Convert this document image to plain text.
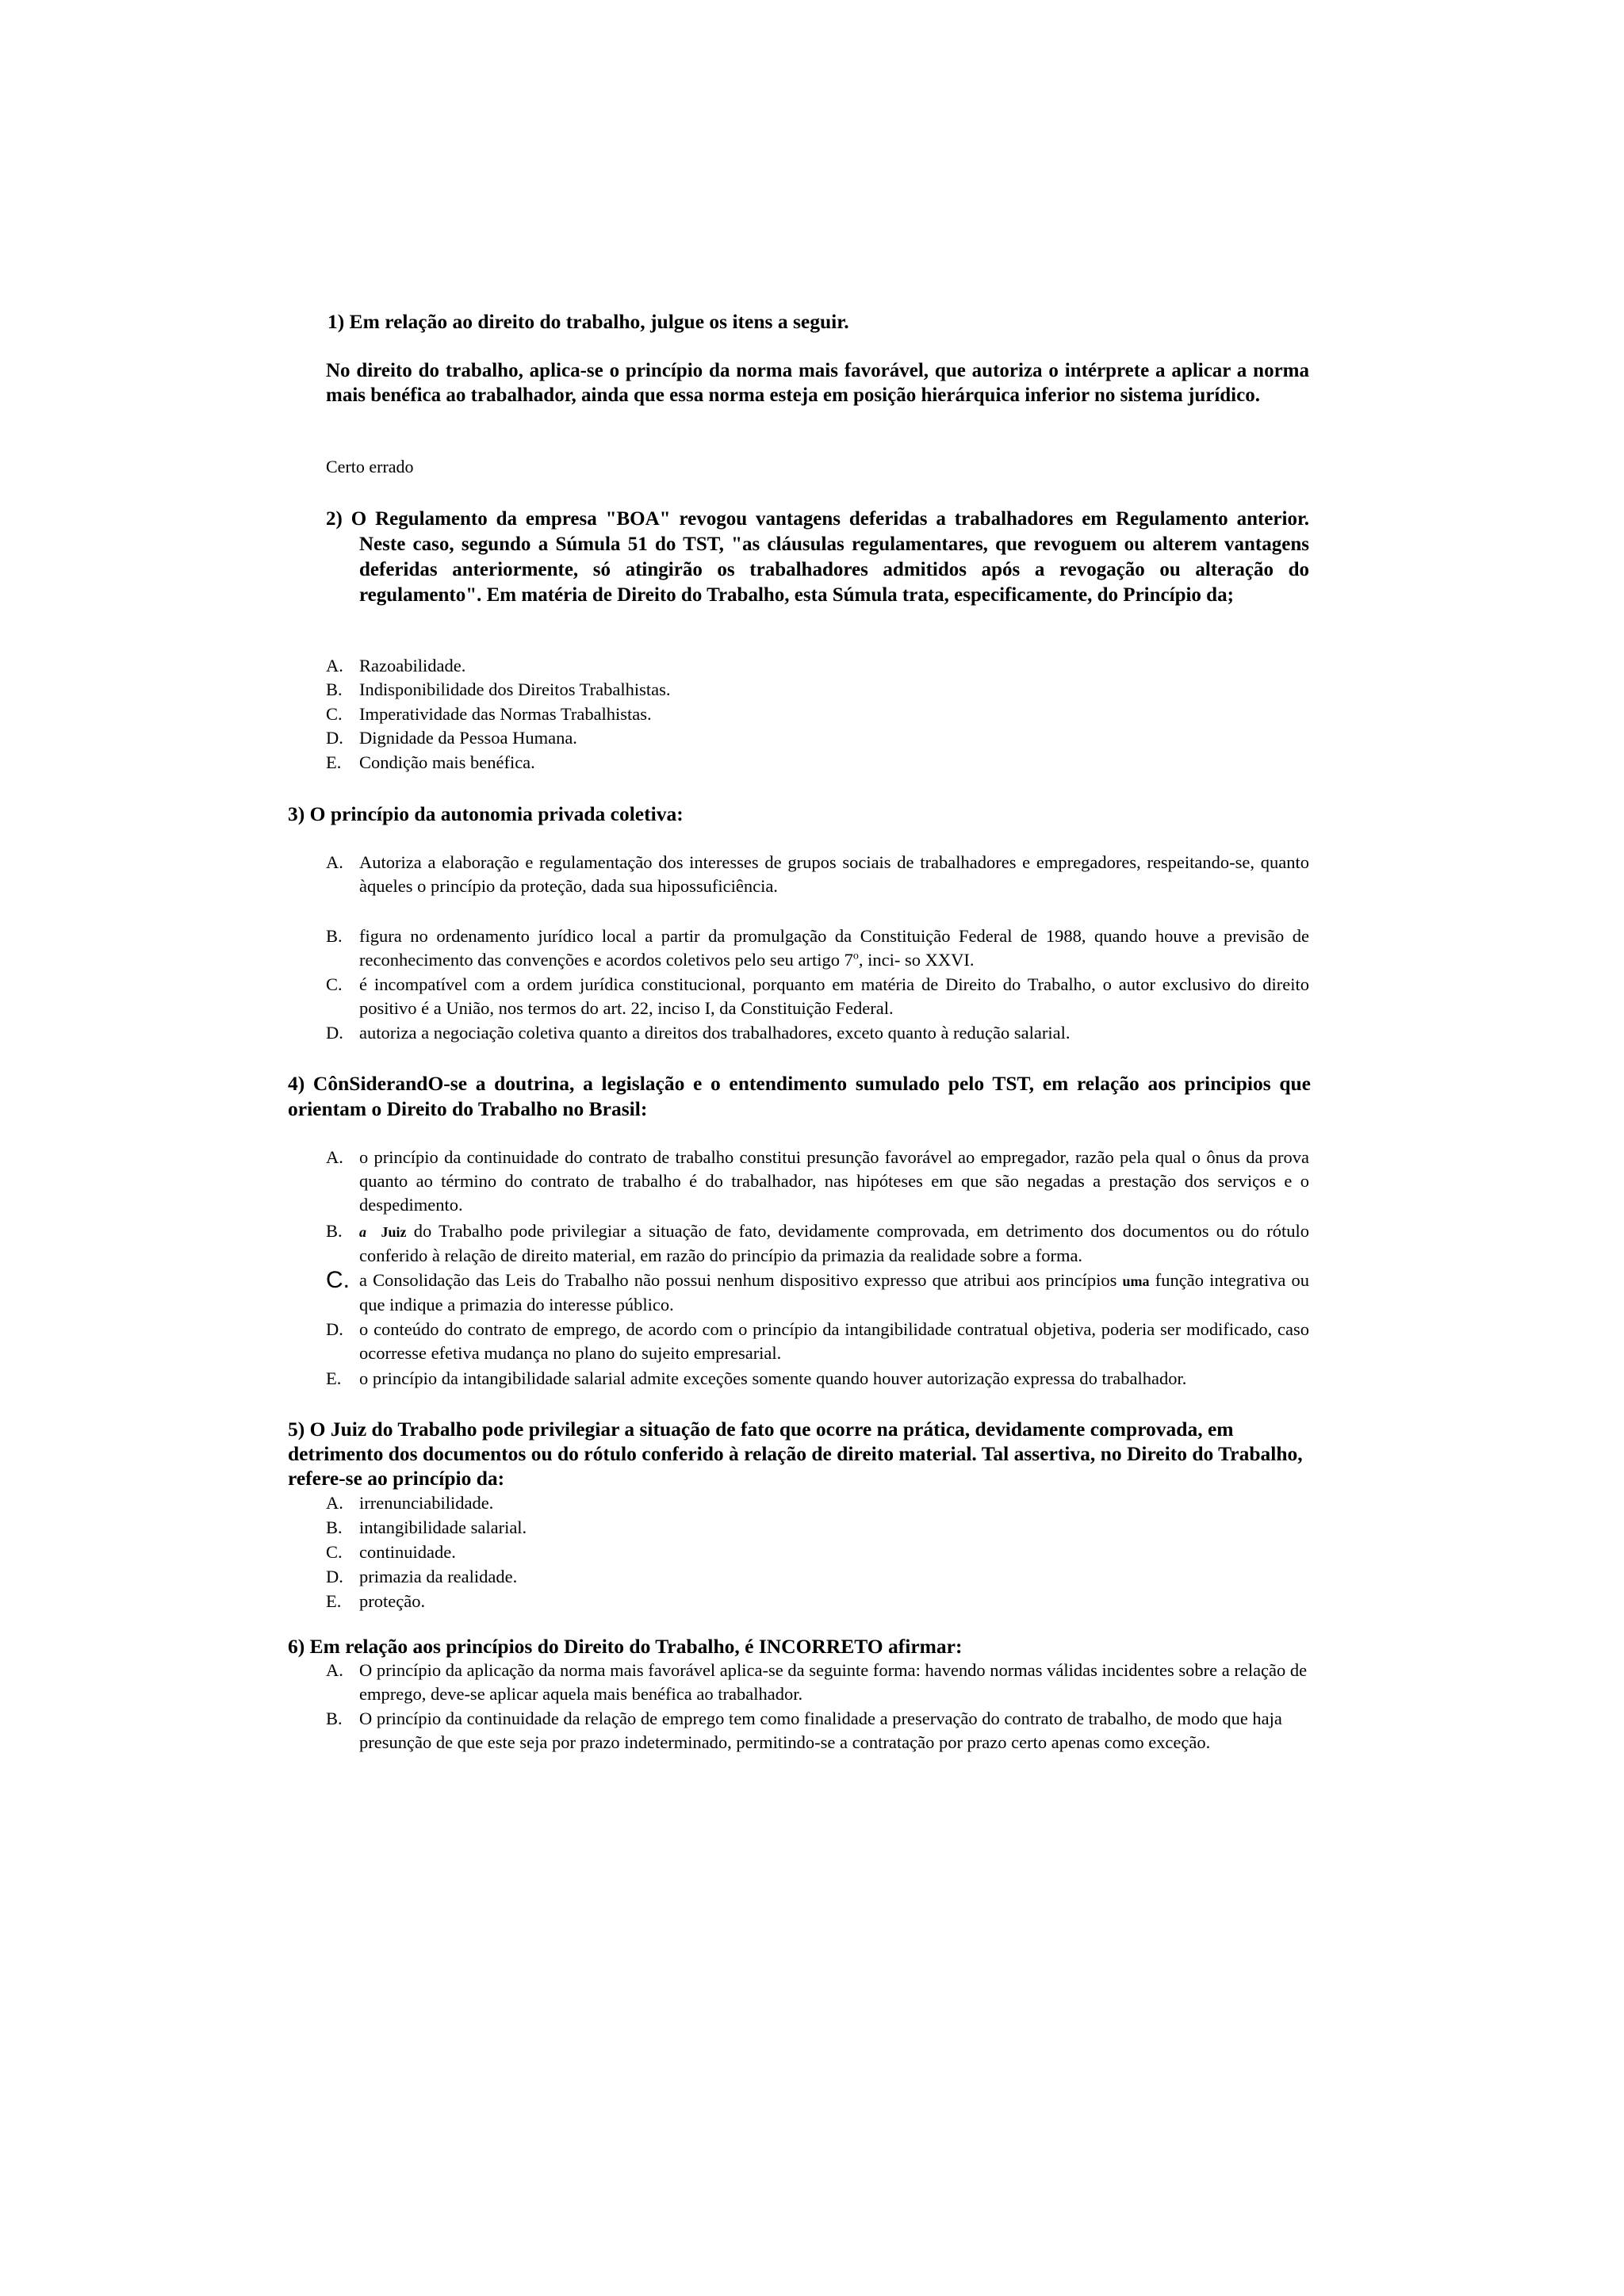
1) Em relação ao direito do trabalho, julgue os itens a seguir.
No direito do trabalho, aplica-se o princípio da norma mais favorável, que autoriza o intérprete a aplicar a norma mais benéfica ao trabalhador, ainda que essa norma esteja em posição hierárquica inferior no sistema jurídico.
Certo errado
2) O Regulamento da empresa "BOA" revogou vantagens deferidas a trabalhadores em Regulamento anterior. Neste caso, segundo a Súmula 51 do TST, "as cláusulas regulamentares, que revoguem ou alterem vantagens deferidas anteriormente, só atingirão os trabalhadores admitidos após a revogação ou alteração do regulamento". Em matéria de Direito do Trabalho, esta Súmula trata, especificamente, do Princípio da;
A. Razoabilidade.
B. Indisponibilidade dos Direitos Trabalhistas.
C. Imperatividade das Normas Trabalhistas.
D. Dignidade da Pessoa Humana.
E. Condição mais benéfica.
3) O princípio da autonomia privada coletiva:
A. Autoriza a elaboração e regulamentação dos interesses de grupos sociais de trabalhadores e empregadores, respeitando-se, quanto àqueles o princípio da proteção, dada sua hipossuficiência.
B. figura no ordenamento jurídico local a partir da promulgação da Constituição Federal de 1988, quando houve a previsão de reconhecimento das convenções e acordos coletivos pelo seu artigo 7$^o$, inci- so XXVI.
C. é incompatível com a ordem jurídica constitucional, porquanto em matéria de Direito do Trabalho, o autor exclusivo do direito positivo é a União, nos termos do art. 22, inciso I, da Constituição Federal.
D. autoriza a negociação coletiva quanto a direitos dos trabalhadores, exceto quanto à redução salarial.
4) CônSiderandO-se a doutrina, a legislação e o entendimento sumulado pelo TST, em relação aos principios que orientam o Direito do Trabalho no Brasil:
A. o princípio da continuidade do contrato de trabalho constitui presunção favorável ao empregador, razão pela qual o ônus da prova quanto ao término do contrato de trabalho é do trabalhador, nas hipóteses em que são negadas a prestação dos serviços e o despedimento.
B. a Juiz do Trabalho pode privilegiar a situação de fato, devidamente comprovada, em detrimento dos documentos ou do rótulo conferido à relação de direito material, em razão do princípio da primazia da realidade sobre a forma.
C. a Consolidação das Leis do Trabalho não possui nenhum dispositivo expresso que atribui aos princípios uma função integrativa ou que indique a primazia do interesse público.
D. o conteúdo do contrato de emprego, de acordo com o princípio da intangibilidade contratual objetiva, poderia ser modificado, caso ocorresse efetiva mudança no plano do sujeito empresarial.
E. o princípio da intangibilidade salarial admite exceções somente quando houver autorização expressa do trabalhador.
5) O Juiz do Trabalho pode privilegiar a situação de fato que ocorre na prática, devidamente comprovada, em detrimento dos documentos ou do rótulo conferido à relação de direito material. Tal assertiva, no Direito do Trabalho, refere-se ao princípio da:
A. irrenunciabilidade.
B. intangibilidade salarial.
C. continuidade.
D. primazia da realidade.
E. proteção.
6) Em relação aos princípios do Direito do Trabalho, é INCORRETO afirmar:
A. O princípio da aplicação da norma mais favorável aplica-se da seguinte forma: havendo normas válidas incidentes sobre a relação de emprego, deve-se aplicar aquela mais benéfica ao trabalhador.
B. O princípio da continuidade da relação de emprego tem como finalidade a preservação do contrato de trabalho, de modo que haja presunção de que este seja por prazo indeterminado, permitindo-se a contratação por prazo certo apenas como exceção.
